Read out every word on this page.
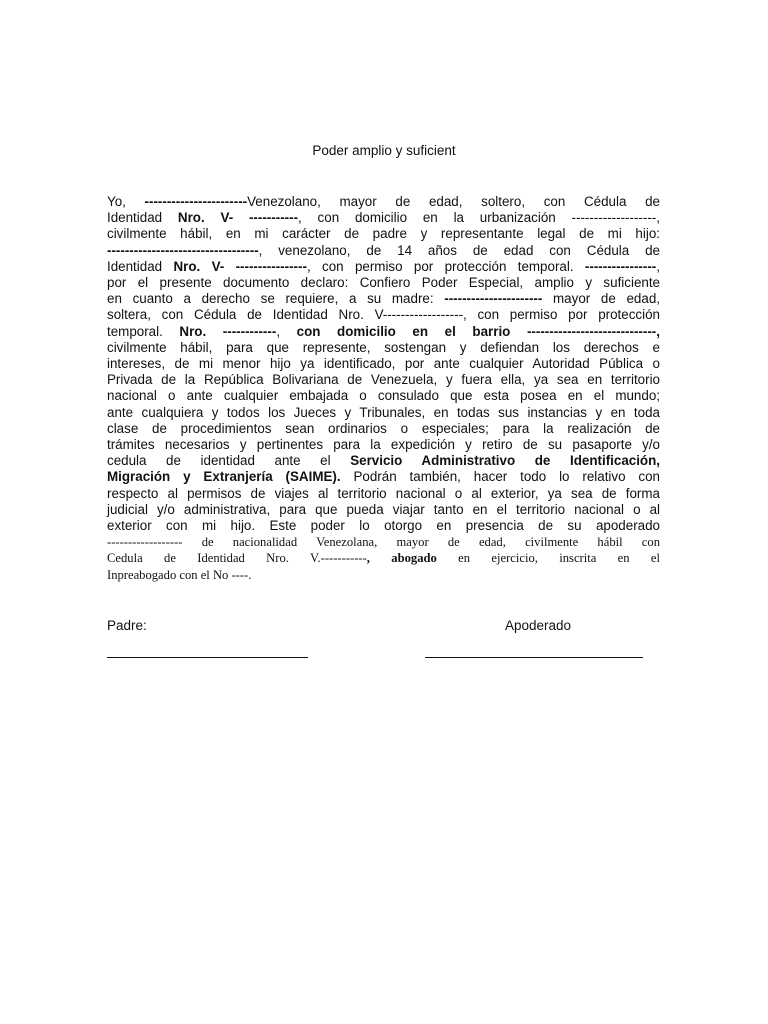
Poder amplio y suficient
Yo, -----------------------Venezolano, mayor de edad, soltero, con Cédula de
Identidad Nro. V- -----------, con domicilio en la urbanización -------------------,
civilmente hábil, en mi carácter de padre y representante legal de mi hijo:
----------------------------------, venezolano, de 14 años de edad con Cédula de
Identidad Nro. V- ----------------, con permiso por protección temporal. ----------------,
por el presente documento declaro: Confiero Poder Especial, amplio y suficiente
en cuanto a derecho se requiere, a su madre: ---------------------- mayor de edad,
soltera, con Cédula de Identidad Nro. V------------------, con permiso por protección
temporal. Nro. ------------, con domicilio en el barrio -----------------------------,
civilmente hábil, para que represente, sostengan y defiendan los derechos e
intereses, de mi menor hijo ya identificado, por ante cualquier Autoridad Pública o
Privada de la República Bolivariana de Venezuela, y fuera ella, ya sea en territorio
nacional o ante cualquier embajada o consulado que esta posea en el mundo;
ante cualquiera y todos los Jueces y Tribunales, en todas sus instancias y en toda
clase de procedimientos sean ordinarios o especiales; para la realización de
trámites necesarios y pertinentes para la expedición y retiro de su pasaporte y/o
cedula de identidad ante el Servicio Administrativo de Identificación,
Migración y Extranjería (SAIME). Podrán también, hacer todo lo relativo con
respecto al permisos de viajes al territorio nacional o al exterior, ya sea de forma
judicial y/o administrativa, para que pueda viajar tanto en el territorio nacional o al
exterior con mi hijo. Este poder lo otorgo en presencia de su apoderado
------------------ de nacionalidad Venezolana, mayor de edad, civilmente hábil con
Cedula de Identidad Nro. V.-----------, abogado en ejercicio, inscrita en el
Inpreabogado con el No ----.
Padre:	Apoderado
